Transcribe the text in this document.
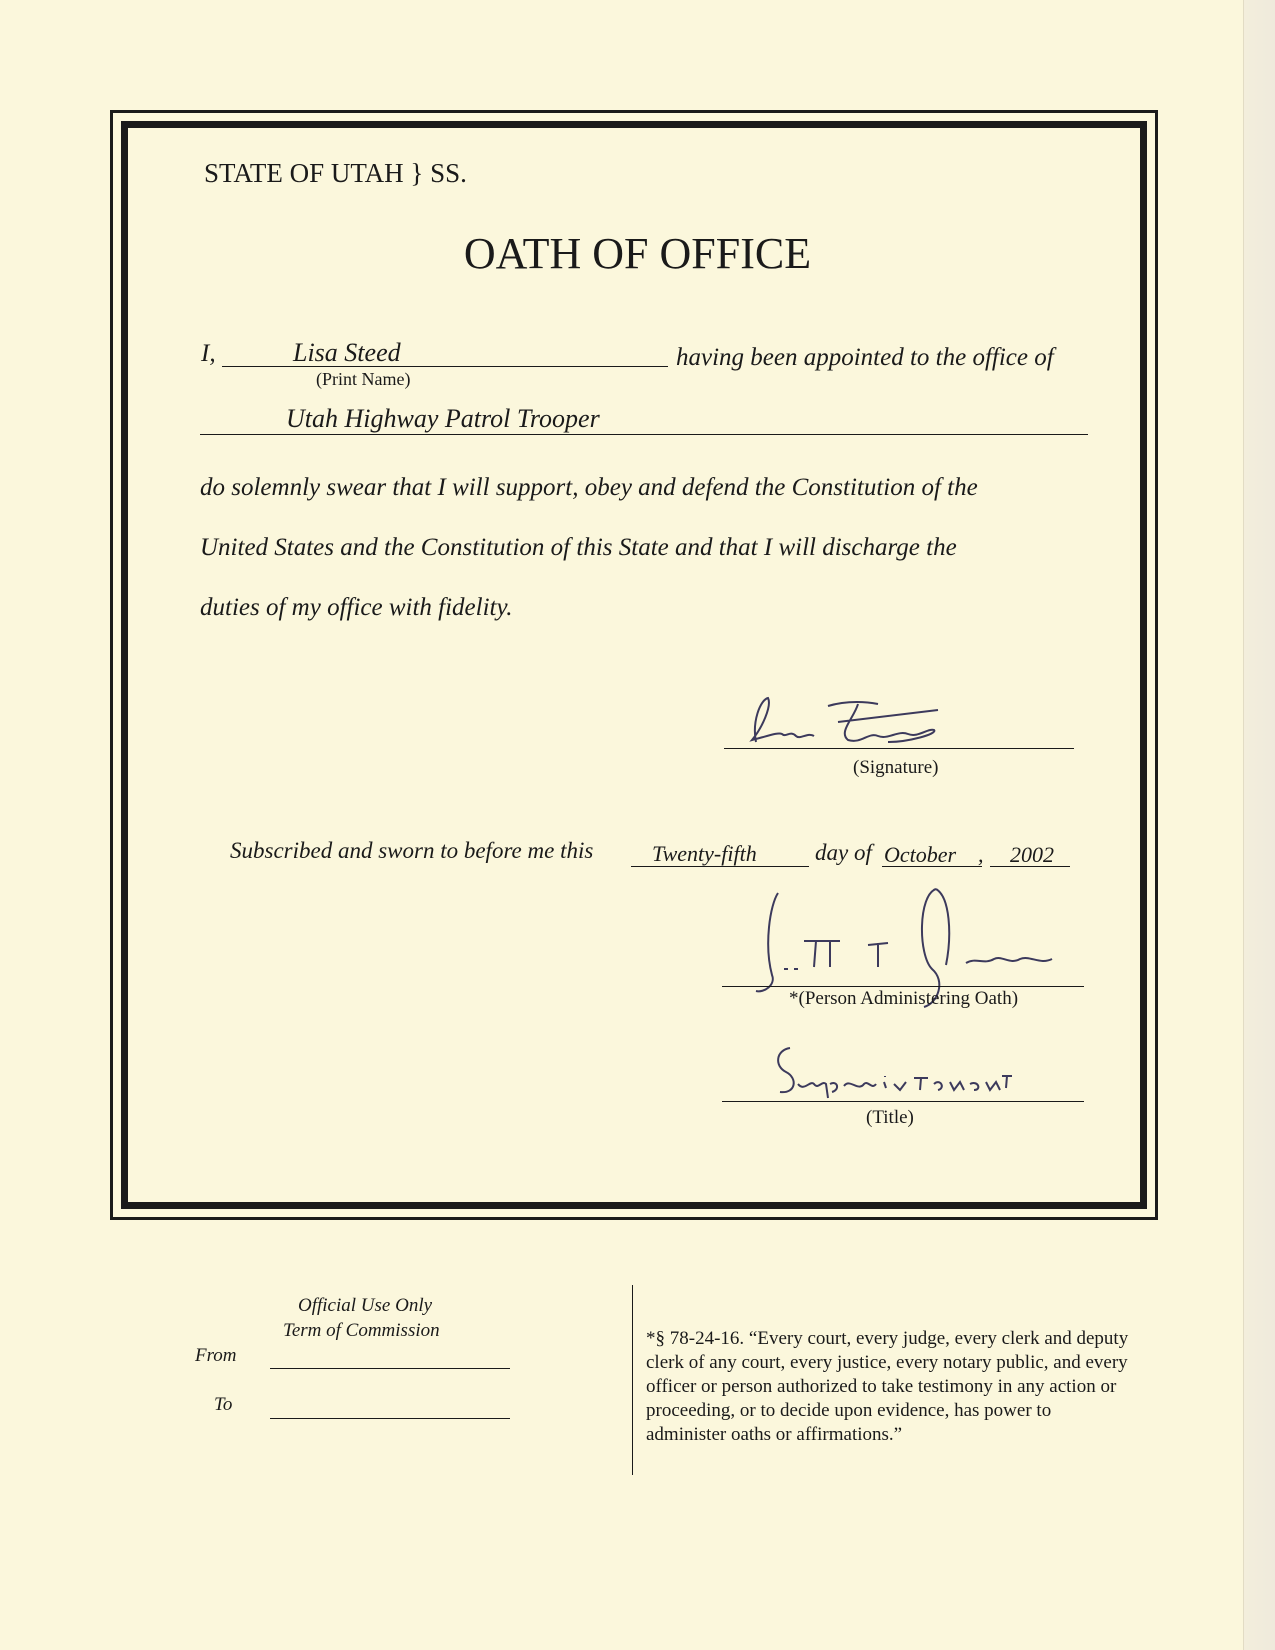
STATE OF UTAH } SS.
OATH OF OFFICE
I,	Lisa Steed
(Print Name)
having been appointed to the office of
Utah Highway Patrol Trooper
do solemnly swear that I will support, obey and defend the Constitution of the
United States and the Constitution of this State and that I will discharge the
duties of my office with fidelity.
(Signature)
Subscribed and sworn to before me this	Twenty-fifth	day of October , 2002
*(Person Administering Oath)
(Title)
Official Use Only
Term of Commission
From
To
*§ 78-24-16. “Every court, every judge, every clerk and deputy clerk of any court, every justice, every notary public, and every officer or person authorized to take testimony in any action or proceeding, or to decide upon evidence, has power to administer oaths or affirmations.”
